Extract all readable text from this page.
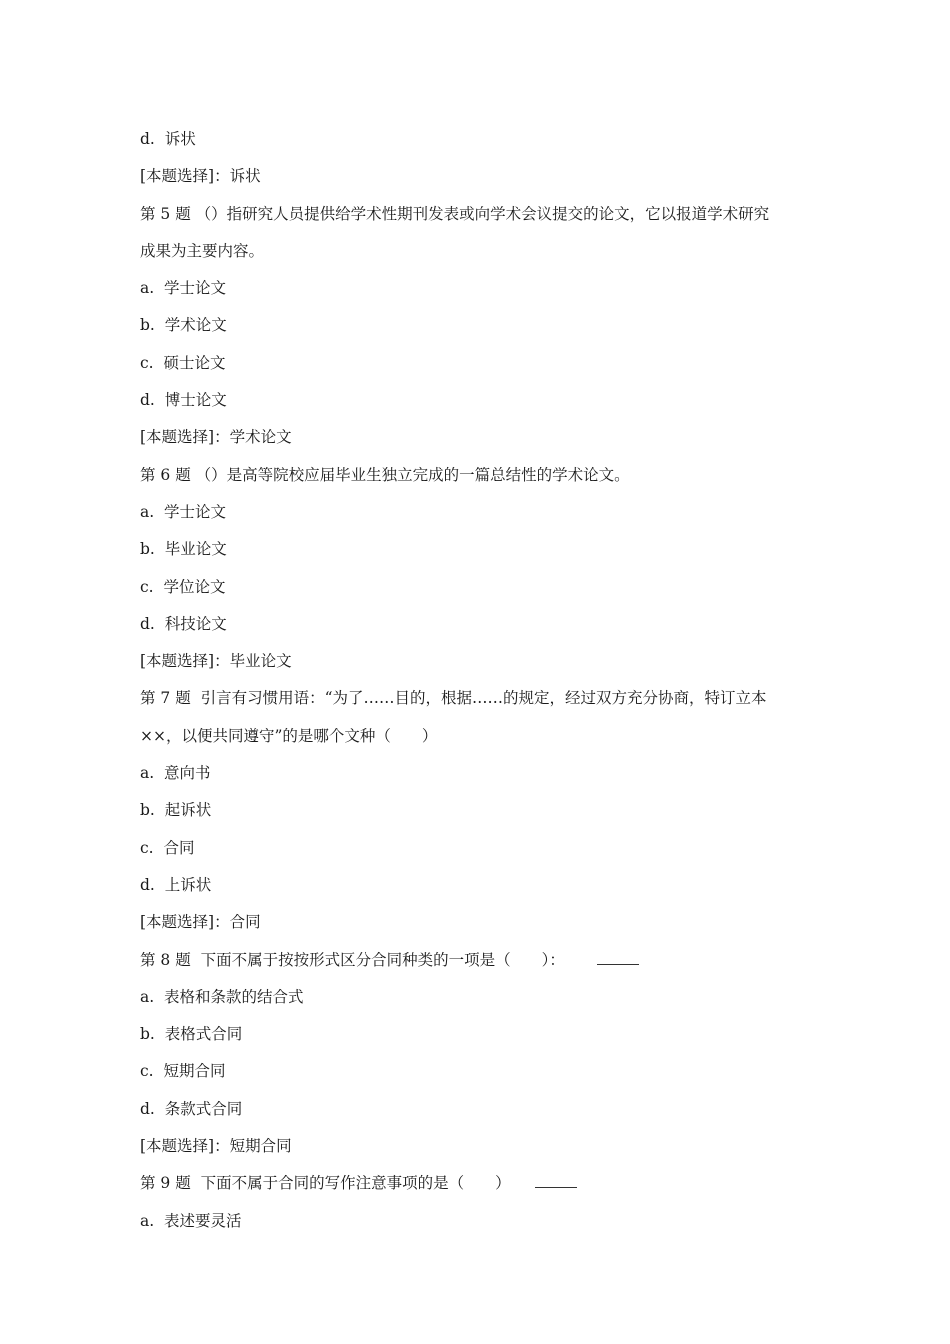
d.  诉状

[本题选择]：诉状

第 5 题 （）指研究人员提供给学术性期刊发表或向学术会议提交的论文，它以报道学术研究

成果为主要内容。

a.  学士论文

b.  学术论文

c.  硕士论文

d.  博士论文

[本题选择]：学术论文

第 6 题 （）是高等院校应届毕业生独立完成的一篇总结性的学术论文。

a.  学士论文

b.  毕业论文

c.  学位论文

d.  科技论文

[本题选择]：毕业论文

第 7 题  引言有习惯用语：“为了……目的，根据……的规定，经过双方充分协商，特订立本

××，以便共同遵守”的是哪个文种（　　）

a.  意向书

b.  起诉状

c.  合同

d.  上诉状

[本题选择]：合同

第 8 题  下面不属于按按形式区分合同种类的一项是（　　）：　

a.  表格和条款的结合式

b.  表格式合同

c.  短期合同

d.  条款式合同

[本题选择]：短期合同

第 9 题  下面不属于合同的写作注意事项的是（　　）

a.  表述要灵活
